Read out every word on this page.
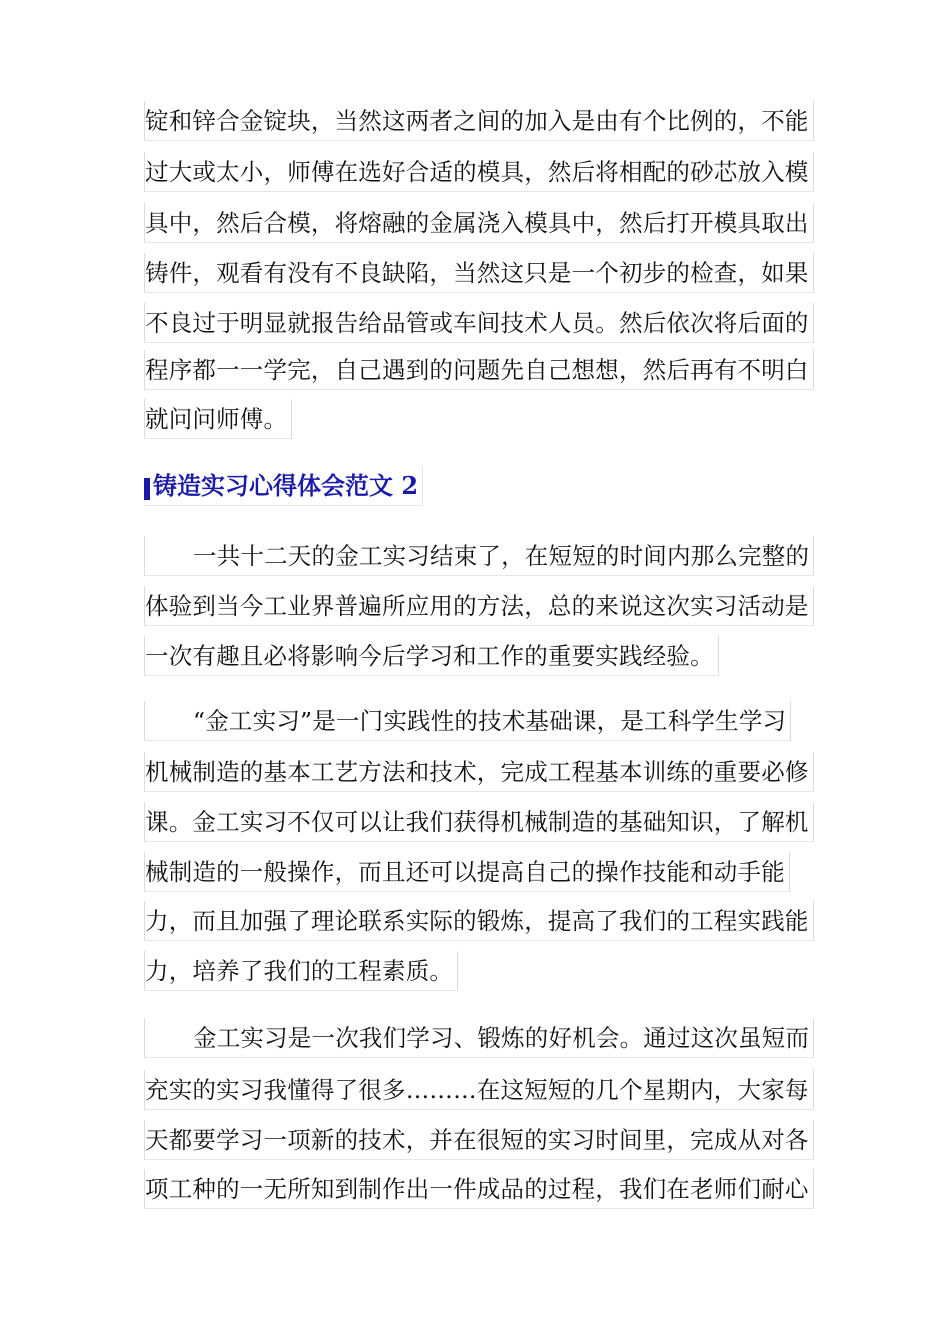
锭和锌合金锭块，当然这两者之间的加入是由有个比例的，不能
过大或太小，师傅在选好合适的模具，然后将相配的砂芯放入模
具中，然后合模，将熔融的金属浇入模具中，然后打开模具取出
铸件，观看有没有不良缺陷，当然这只是一个初步的检查，如果
不良过于明显就报告给品管或车间技术人员。然后依次将后面的
程序都一一学完，自己遇到的问题先自己想想，然后再有不明白
就问问师傅。
铸造实习心得体会范文 2
一共十二天的金工实习结束了，在短短的时间内那么完整的
体验到当今工业界普遍所应用的方法，总的来说这次实习活动是
一次有趣且必将影响今后学习和工作的重要实践经验。
“金工实习”是一门实践性的技术基础课，是工科学生学习
机械制造的基本工艺方法和技术，完成工程基本训练的重要必修
课。金工实习不仅可以让我们获得机械制造的基础知识，了解机
械制造的一般操作，而且还可以提高自己的操作技能和动手能
力，而且加强了理论联系实际的锻炼，提高了我们的工程实践能
力，培养了我们的工程素质。
金工实习是一次我们学习、锻炼的好机会。通过这次虽短而
充实的实习我懂得了很多………在这短短的几个星期内，大家每
天都要学习一项新的技术，并在很短的实习时间里，完成从对各
项工种的一无所知到制作出一件成品的过程，我们在老师们耐心
